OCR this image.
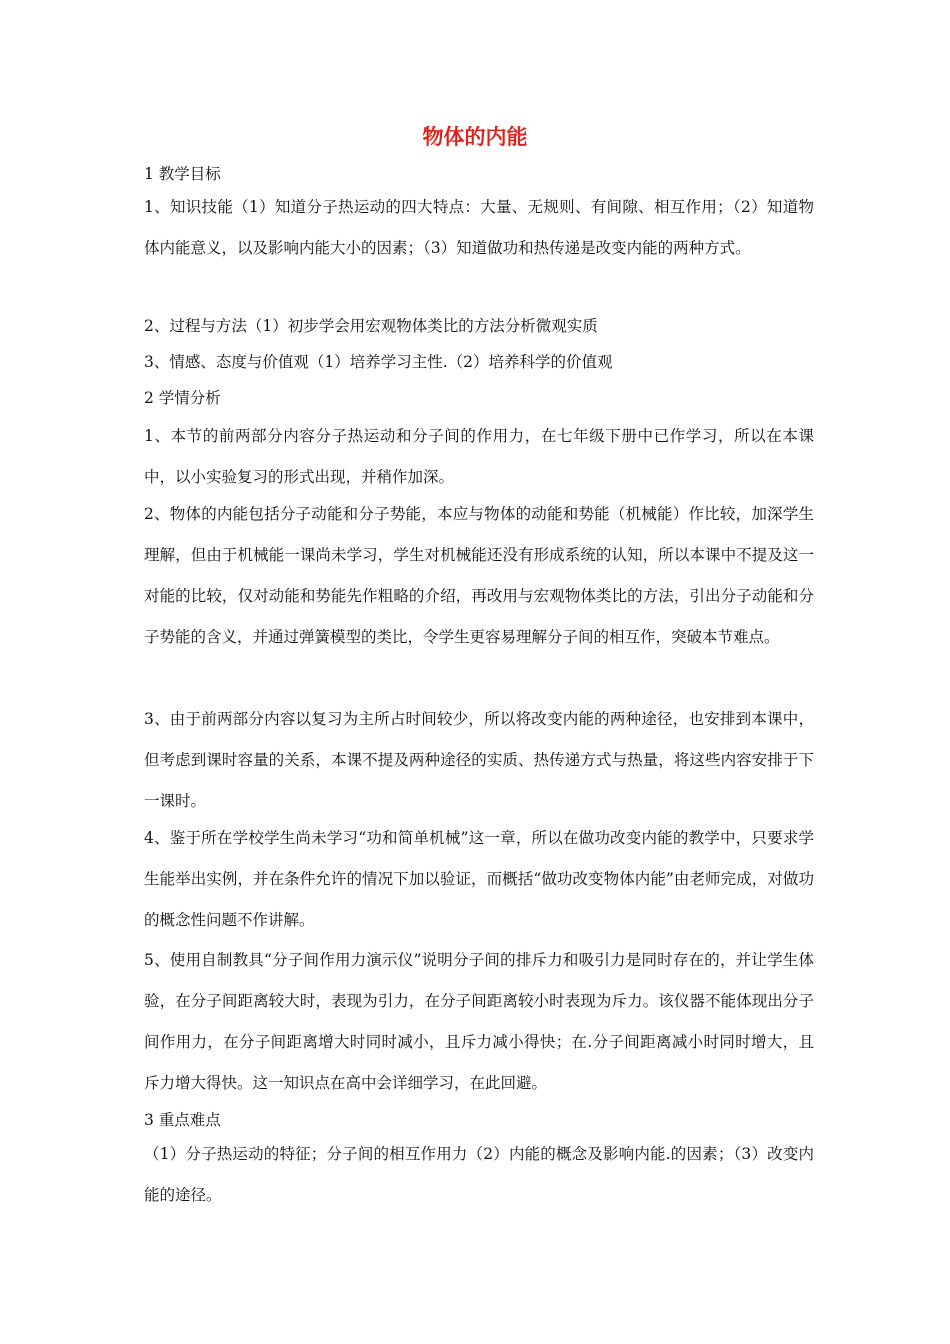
物体的内能
1 教学目标
1、知识技能（1）知道分子热运动的四大特点：大量、无规则、有间隙、相互作用；（2）知道物体内能意义，以及影响内能大小的因素；（3）知道做功和热传递是改变内能的两种方式。
2、过程与方法（1）初步学会用宏观物体类比的方法分析微观实质
3、情感、态度与价值观（1）培养学习主性.（2）培养科学的价值观
2 学情分析
1、本节的前两部分内容分子热运动和分子间的作用力，在七年级下册中已作学习，所以在本课中，以小实验复习的形式出现，并稍作加深。
2、物体的内能包括分子动能和分子势能，本应与物体的动能和势能（机械能）作比较，加深学生理解，但由于机械能一课尚未学习，学生对机械能还没有形成系统的认知，所以本课中不提及这一对能的比较，仅对动能和势能先作粗略的介绍，再改用与宏观物体类比的方法，引出分子动能和分子势能的含义，并通过弹簧模型的类比，令学生更容易理解分子间的相互作，突破本节难点。
3、由于前两部分内容以复习为主所占时间较少，所以将改变内能的两种途径，也安排到本课中，但考虑到课时容量的关系，本课不提及两种途径的实质、热传递方式与热量，将这些内容安排于下一课时。
4、鉴于所在学校学生尚未学习“功和简单机械”这一章，所以在做功改变内能的教学中，只要求学生能举出实例，并在条件允许的情况下加以验证，而概括“做功改变物体内能”由老师完成，对做功的概念性问题不作讲解。
5、使用自制教具“分子间作用力演示仪”说明分子间的排斥力和吸引力是同时存在的，并让学生体验，在分子间距离较大时，表现为引力，在分子间距离较小时表现为斥力。该仪器不能体现出分子间作用力，在分子间距离增大时同时减小，且斥力减小得快；在.分子间距离减小时同时增大，且斥力增大得快。这一知识点在高中会详细学习，在此回避。
3 重点难点
（1）分子热运动的特征；分子间的相互作用力（2）内能的概念及影响内能.的因素；（3）改变内能的途径。
